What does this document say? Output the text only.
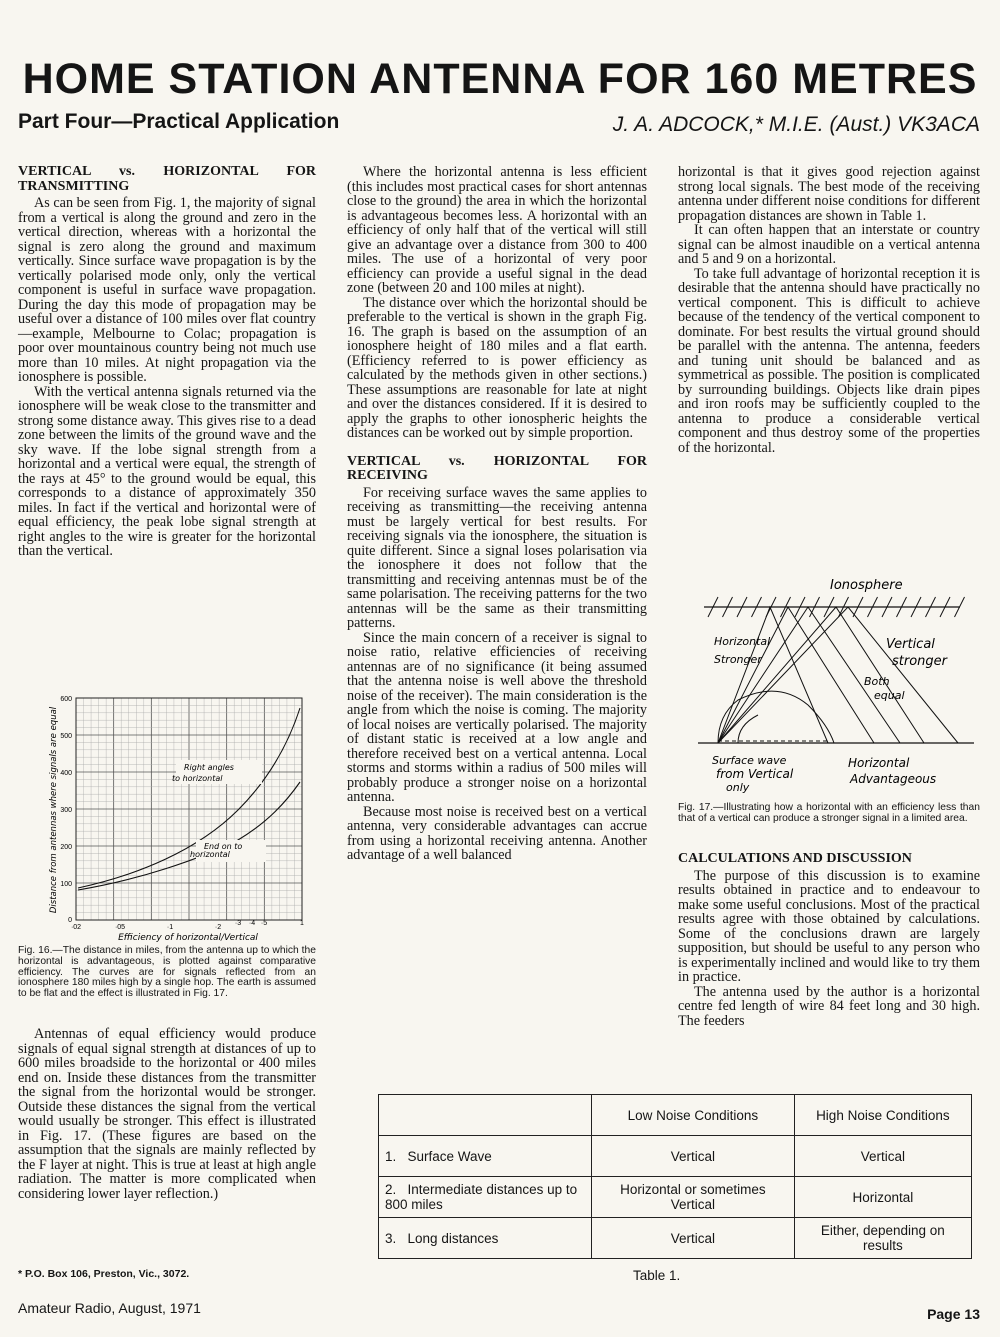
HOME STATION ANTENNA FOR 160 METRES
Part Four—Practical Application	J. A. ADCOCK,* M.I.E. (Aust.) VK3ACA
VERTICAL vs. HORIZONTAL FOR TRANSMITTING

As can be seen from Fig. 1, the majority of signal from a vertical is along the ground and zero in the vertical direction, whereas with a horizontal the signal is zero along the ground and maximum vertically. Since surface wave propagation is by the vertically polarised mode only, only the vertical component is useful in surface wave propagation. During the day this mode of propagation may be useful over a distance of 100 miles over flat country—example, Melbourne to Colac; propagation is poor over mountainous country being not much use more than 10 miles. At night propagation via the ionosphere is possible.

With the vertical antenna signals returned via the ionosphere will be weak close to the transmitter and strong some distance away. This gives rise to a dead zone between the limits of the ground wave and the sky wave. If the lobe signal strength from a horizontal and a vertical were equal, the strength of the rays at 45° to the ground would be equal, this corresponds to a distance of approximately 350 miles. In fact if the vertical and horizontal were of equal efficiency, the peak lobe signal strength at right angles to the wire is greater for the horizontal than the vertical.

Distance from antennas where signals are equal
600
500
400
300
200
100
0
·02	·05	·1	·2
·3 ·4 ·5	1
Efficiency of horizontal/Vertical
Right angles
to horizontal
End on to
horizontal
Fig. 16.—The distance in miles, from the antenna up to which the horizontal is advantageous, is plotted against comparative efficiency. The curves are for signals reflected from an ionosphere 180 miles high by a single hop. The earth is assumed to be flat and the effect is illustrated in Fig. 17.

Antennas of equal efficiency would produce signals of equal signal strength at distances of up to 600 miles broadside to the horizontal or 400 miles end on. Inside these distances from the transmitter the signal from the horizontal would be stronger. Outside these distances the signal from the vertical would usually be stronger. This effect is illustrated in Fig. 17. (These figures are based on the assumption that the signals are mainly reflected by the F layer at night. This is true at least at high angle radiation. The matter is more complicated when considering lower layer reflection.)

Where the horizontal antenna is less efficient (this includes most practical cases for short antennas close to the ground) the area in which the horizontal is advantageous becomes less. A horizontal with an efficiency of only half that of the vertical will still give an advantage over a distance from 300 to 400 miles. The use of a horizontal of very poor efficiency can provide a useful signal in the dead zone (between 20 and 100 miles at night).

The distance over which the horizontal should be preferable to the vertical is shown in the graph Fig. 16. The graph is based on the assumption of an ionosphere height of 180 miles and a flat earth. (Efficiency referred to is power efficiency as calculated by the methods given in other sections.) These assumptions are reasonable for late at night and over the distances considered. If it is desired to apply the graphs to other ionospheric heights the distances can be worked out by simple proportion.

VERTICAL vs. HORIZONTAL FOR RECEIVING

For receiving surface waves the same applies to receiving as transmitting—the receiving antenna must be largely vertical for best results. For receiving signals via the ionosphere, the situation is quite different. Since a signal loses polarisation via the ionosphere it does not follow that the transmitting and receiving antennas must be of the same polarisation. The receiving patterns for the two antennas will be the same as their transmitting patterns.

Since the main concern of a receiver is signal to noise ratio, relative efficiencies of receiving antennas are of no significance (it being assumed that the antenna noise is well above the threshold noise of the receiver). The main consideration is the angle from which the noise is coming. The majority of local noises are vertically polarised. The majority of distant static is received at a low angle and therefore received best on a vertical antenna. Local storms and storms within a radius of 500 miles will probably produce a stronger noise on a horizontal antenna.

Because most noise is received best on a vertical antenna, very considerable advantages can accrue from using a horizontal receiving antenna. Another advantage of a well balanced

horizontal is that it gives good rejection against strong local signals. The best mode of the receiving antenna under different noise conditions for different propagation distances are shown in Table 1.

It can often happen that an interstate or country signal can be almost inaudible on a vertical antenna and 5 and 9 on a horizontal.

To take full advantage of horizontal reception it is desirable that the antenna should have practically no vertical component. This is difficult to achieve because of the tendency of the vertical component to dominate. For best results the virtual ground should be parallel with the antenna. The antenna, feeders and tuning unit should be balanced and as symmetrical as possible. The position is complicated by surrounding buildings. Objects like drain pipes and iron roofs may be sufficiently coupled to the antenna to produce a considerable vertical component and thus destroy some of the properties of the horizontal.

Ionosphere
Horizontal
Stronger
Vertical
stronger
Both
equal
Surface wave
from Vertical
only
Horizontal
Advantageous
Fig. 17.—Illustrating how a horizontal with an efficiency less than that of a vertical can produce a stronger signal in a limited area.
CALCULATIONS AND DISCUSSION

The purpose of this discussion is to examine results obtained in practice and to endeavour to make some useful conclusions. Most of the practical results agree with those obtained by calculations. Some of the conclusions drawn are largely supposition, but should be useful to any person who is experimentally inclined and would like to try them in practice.

The antenna used by the author is a horizontal centre fed length of wire 84 feet long and 30 high. The feeders

	Low Noise Conditions	High Noise Conditions
1. Surface Wave	Vertical	Vertical
2. Intermediate distances up to 800 miles	Horizontal or sometimes Vertical	Horizontal
3. Long distances	Vertical	Either, depending on results
Table 1.
* P.O. Box 106, Preston, Vic., 3072.
Amateur Radio, August, 1971	Page 13
